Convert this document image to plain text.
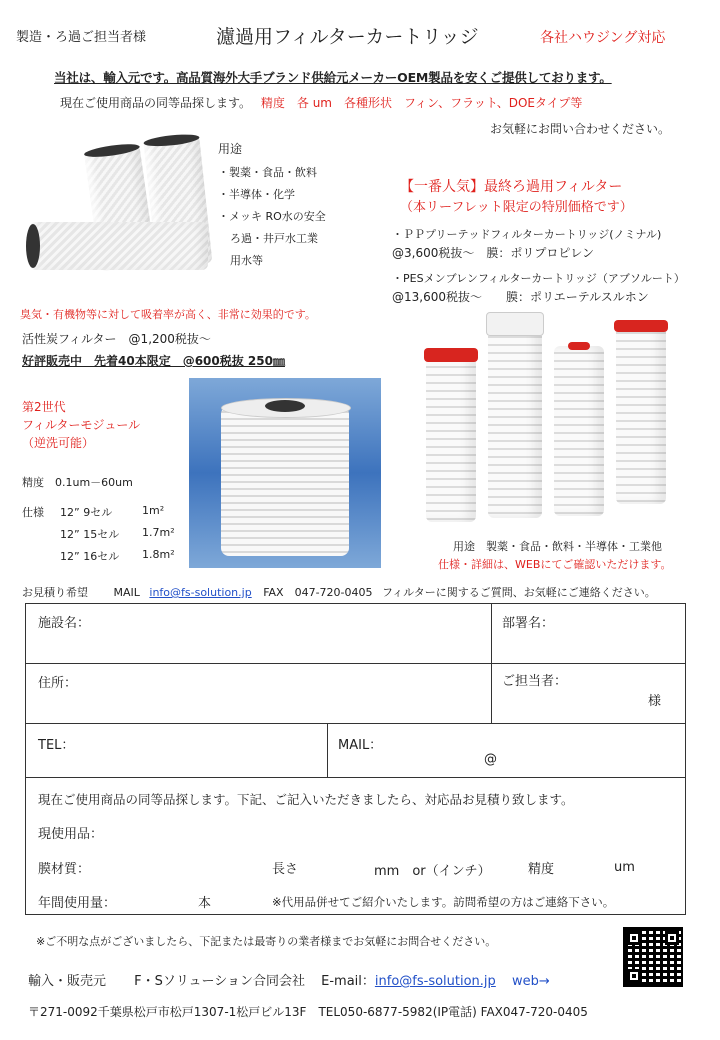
製造・ろ過ご担当者様	濾過用フィルターカートリッジ	各社ハウジング対応
当社は、輸入元です。高品質海外大手ブランド供給元メーカーOEM製品を安くご提供しております。
現在ご使用商品の同等品探します。 精度　各 um　各種形状　フィン、フラット、DOEタイプ等
お気軽にお問い合わせください。
用途
・製薬・食品・飲料
・半導体・化学
・メッキ RO水の安全
ろ過・井戸水工業
用水等
臭気・有機物等に対して吸着率が高く、非常に効果的です。
活性炭フィルター　@1,200税抜～
好評販売中　先着40本限定　@600税抜 250㎜
【一番人気】最終ろ過用フィルター
（本リーフレット限定の特別価格です）
・ＰＰプリーテッドフィルターカートリッジ(ノミナル)
@3,600税抜～　膜：ポリプロピレン
・PESメンブレンフィルターカートリッジ（アブソルート）
@13,600税抜～　　膜：ポリエーテルスルホン
用途　製薬・食品・飲料・半導体・工業他
仕様・詳細は、WEBにてご確認いただけます。
第2世代
フィルターモジュール
（逆洗可能）
精度　0.1um－60um
仕様 12” 9セル	1m²
12” 15セル 1.7m²
12” 16セル 1.8m²
お見積り希望 MAIL info@fs-solution.jp FAX　047-720-0405 フィルターに関するご質問、お気軽にご連絡ください。
施設名：	部署名：
住所：	ご担当者：
様
TEL：	MAIL：
@
現在ご使用商品の同等品探します。下記、ご記入いただきましたら、対応品お見積り致します。
現使用品：
膜材質：	長さ	mm　or（インチ）	精度	um
年間使用量：	本	※代用品併せてご紹介いたします。訪問希望の方はご連絡下さい。
※ご不明な点がございましたら、下記または最寄りの業者様までお気軽にお問合せください。
輸入・販売元 F・Sソリューション合同会社 E-mail：info@fs-solution.jp web→
〒271-0092千葉県松戸市松戸1307-1松戸ビル13F　TEL050-6877-5982(IP電話) FAX047-720-0405
